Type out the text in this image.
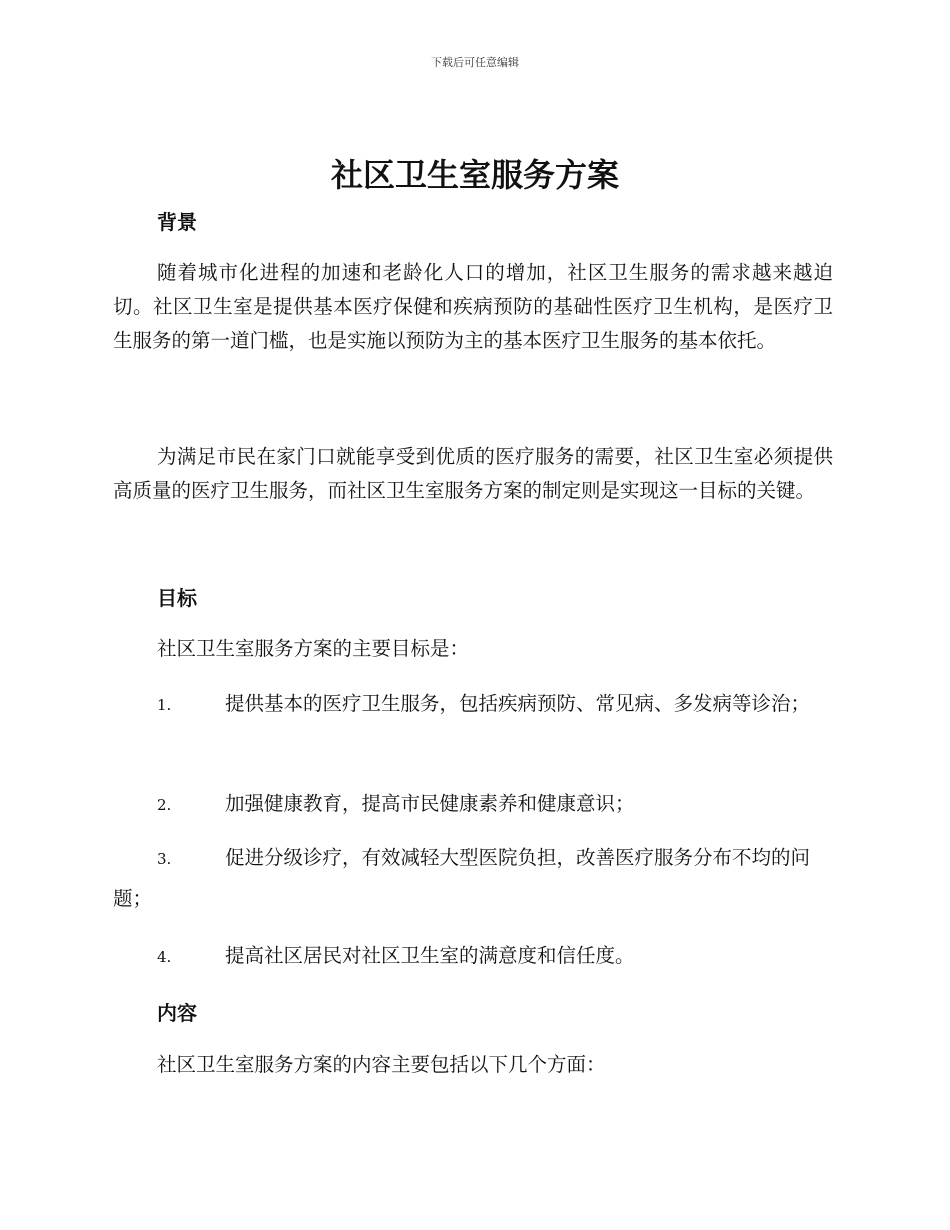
下载后可任意编辑
社区卫生室服务方案
背景

随着城市化进程的加速和老龄化人口的增加，社区卫生服务的需求越来越迫切。社区卫生室是提供基本医疗保健和疾病预防的基础性医疗卫生机构，是医疗卫生服务的第一道门槛，也是实施以预防为主的基本医疗卫生服务的基本依托。

为满足市民在家门口就能享受到优质的医疗服务的需要，社区卫生室必须提供高质量的医疗卫生服务，而社区卫生室服务方案的制定则是实现这一目标的关键。

目标

社区卫生室服务方案的主要目标是：

1.	提供基本的医疗卫生服务，包括疾病预防、常见病、多发病等诊治；

2.	加强健康教育，提高市民健康素养和健康意识；

3.	促进分级诊疗，有效减轻大型医院负担，改善医疗服务分布不均的问题；

4.	提高社区居民对社区卫生室的满意度和信任度。

内容

社区卫生室服务方案的内容主要包括以下几个方面：
